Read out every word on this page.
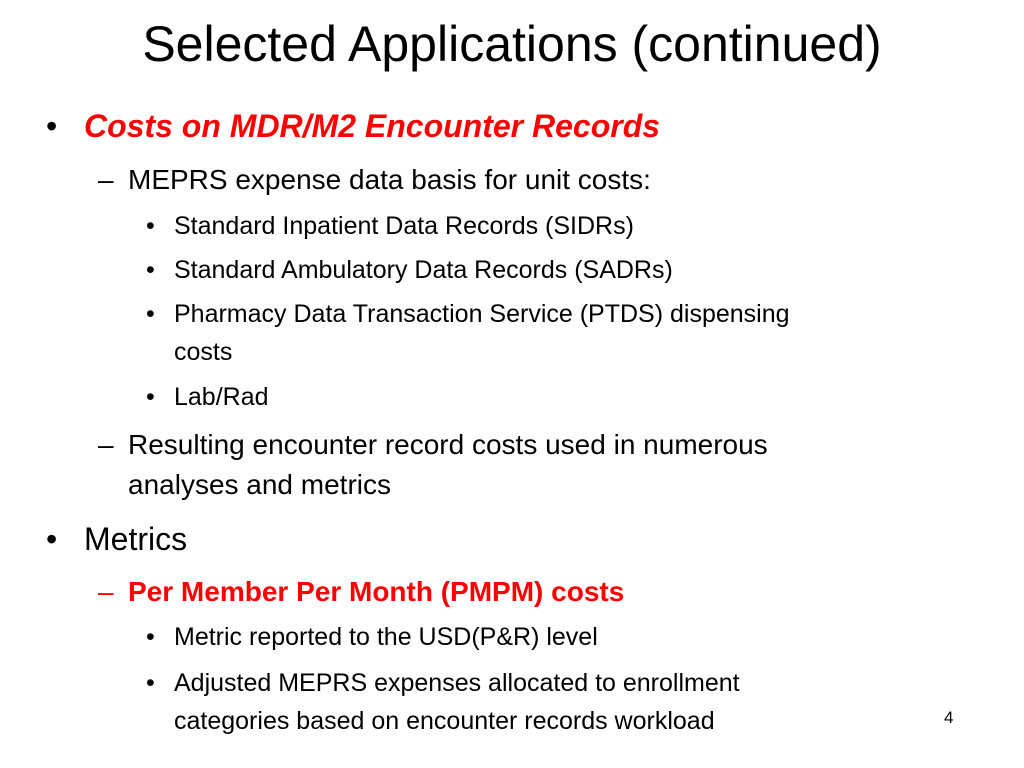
Selected Applications (continued)
• Costs on MDR/M2 Encounter Records
– MEPRS expense data basis for unit costs:
• Standard Inpatient Data Records (SIDRs)
• Standard Ambulatory Data Records (SADRs)
• Pharmacy Data Transaction Service (PTDS) dispensing
costs
• Lab/Rad
– Resulting encounter record costs used in numerous
analyses and metrics
• Metrics
– Per Member Per Month (PMPM) costs
• Metric reported to the USD(P&R) level
• Adjusted MEPRS expenses allocated to enrollment
categories based on encounter records workload	4
